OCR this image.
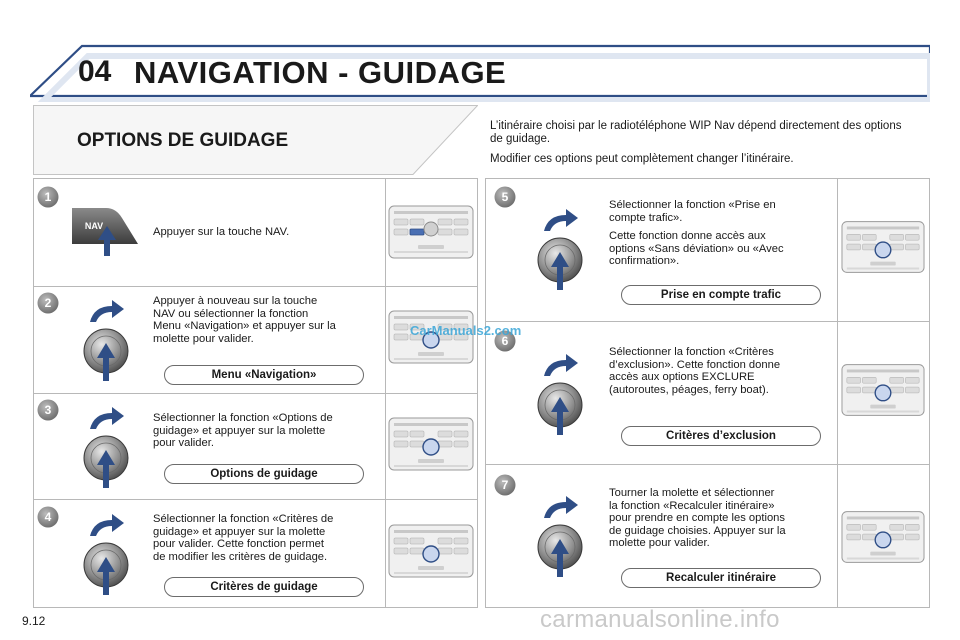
04 NAVIGATION - GUIDAGE
OPTIONS DE GUIDAGE

L’itinéraire choisi par le radiotéléphone WIP Nav dépend directement des options de guidage.

Modifier ces options peut complètement changer l’itinéraire.

1
NAV	Appuyer sur la touche NAV.
2	Appuyer à nouveau sur la touche
NAV ou sélectionner la fonction
Menu «Navigation» et appuyer sur la
molette pour valider.
Menu «Navigation»
3
Sélectionner la fonction «Options de
guidage» et appuyer sur la molette
pour valider.
Options de guidage
4	Sélectionner la fonction «Critères de
guidage» et appuyer sur la molette
pour valider. Cette fonction permet
de modifier les critères de guidage.
Critères de guidage
5

Sélectionner la fonction «Prise en
compte trafic».

Cette fonction donne accès aux
options «Sans déviation» ou «Avec
confirmation».

Prise en compte trafic
6
Sélectionner la fonction «Critères
d’exclusion». Cette fonction donne
accès aux options EXCLURE
(autoroutes, péages, ferry boat).
Critères d’exclusion
7
Tourner la molette et sélectionner
la fonction «Recalculer itinéraire»
pour prendre en compte les options
de guidage choisies. Appuyer sur la
molette pour valider.
Recalculer itinéraire
9.12
CarManuals2.com
carmanualsonline.info
